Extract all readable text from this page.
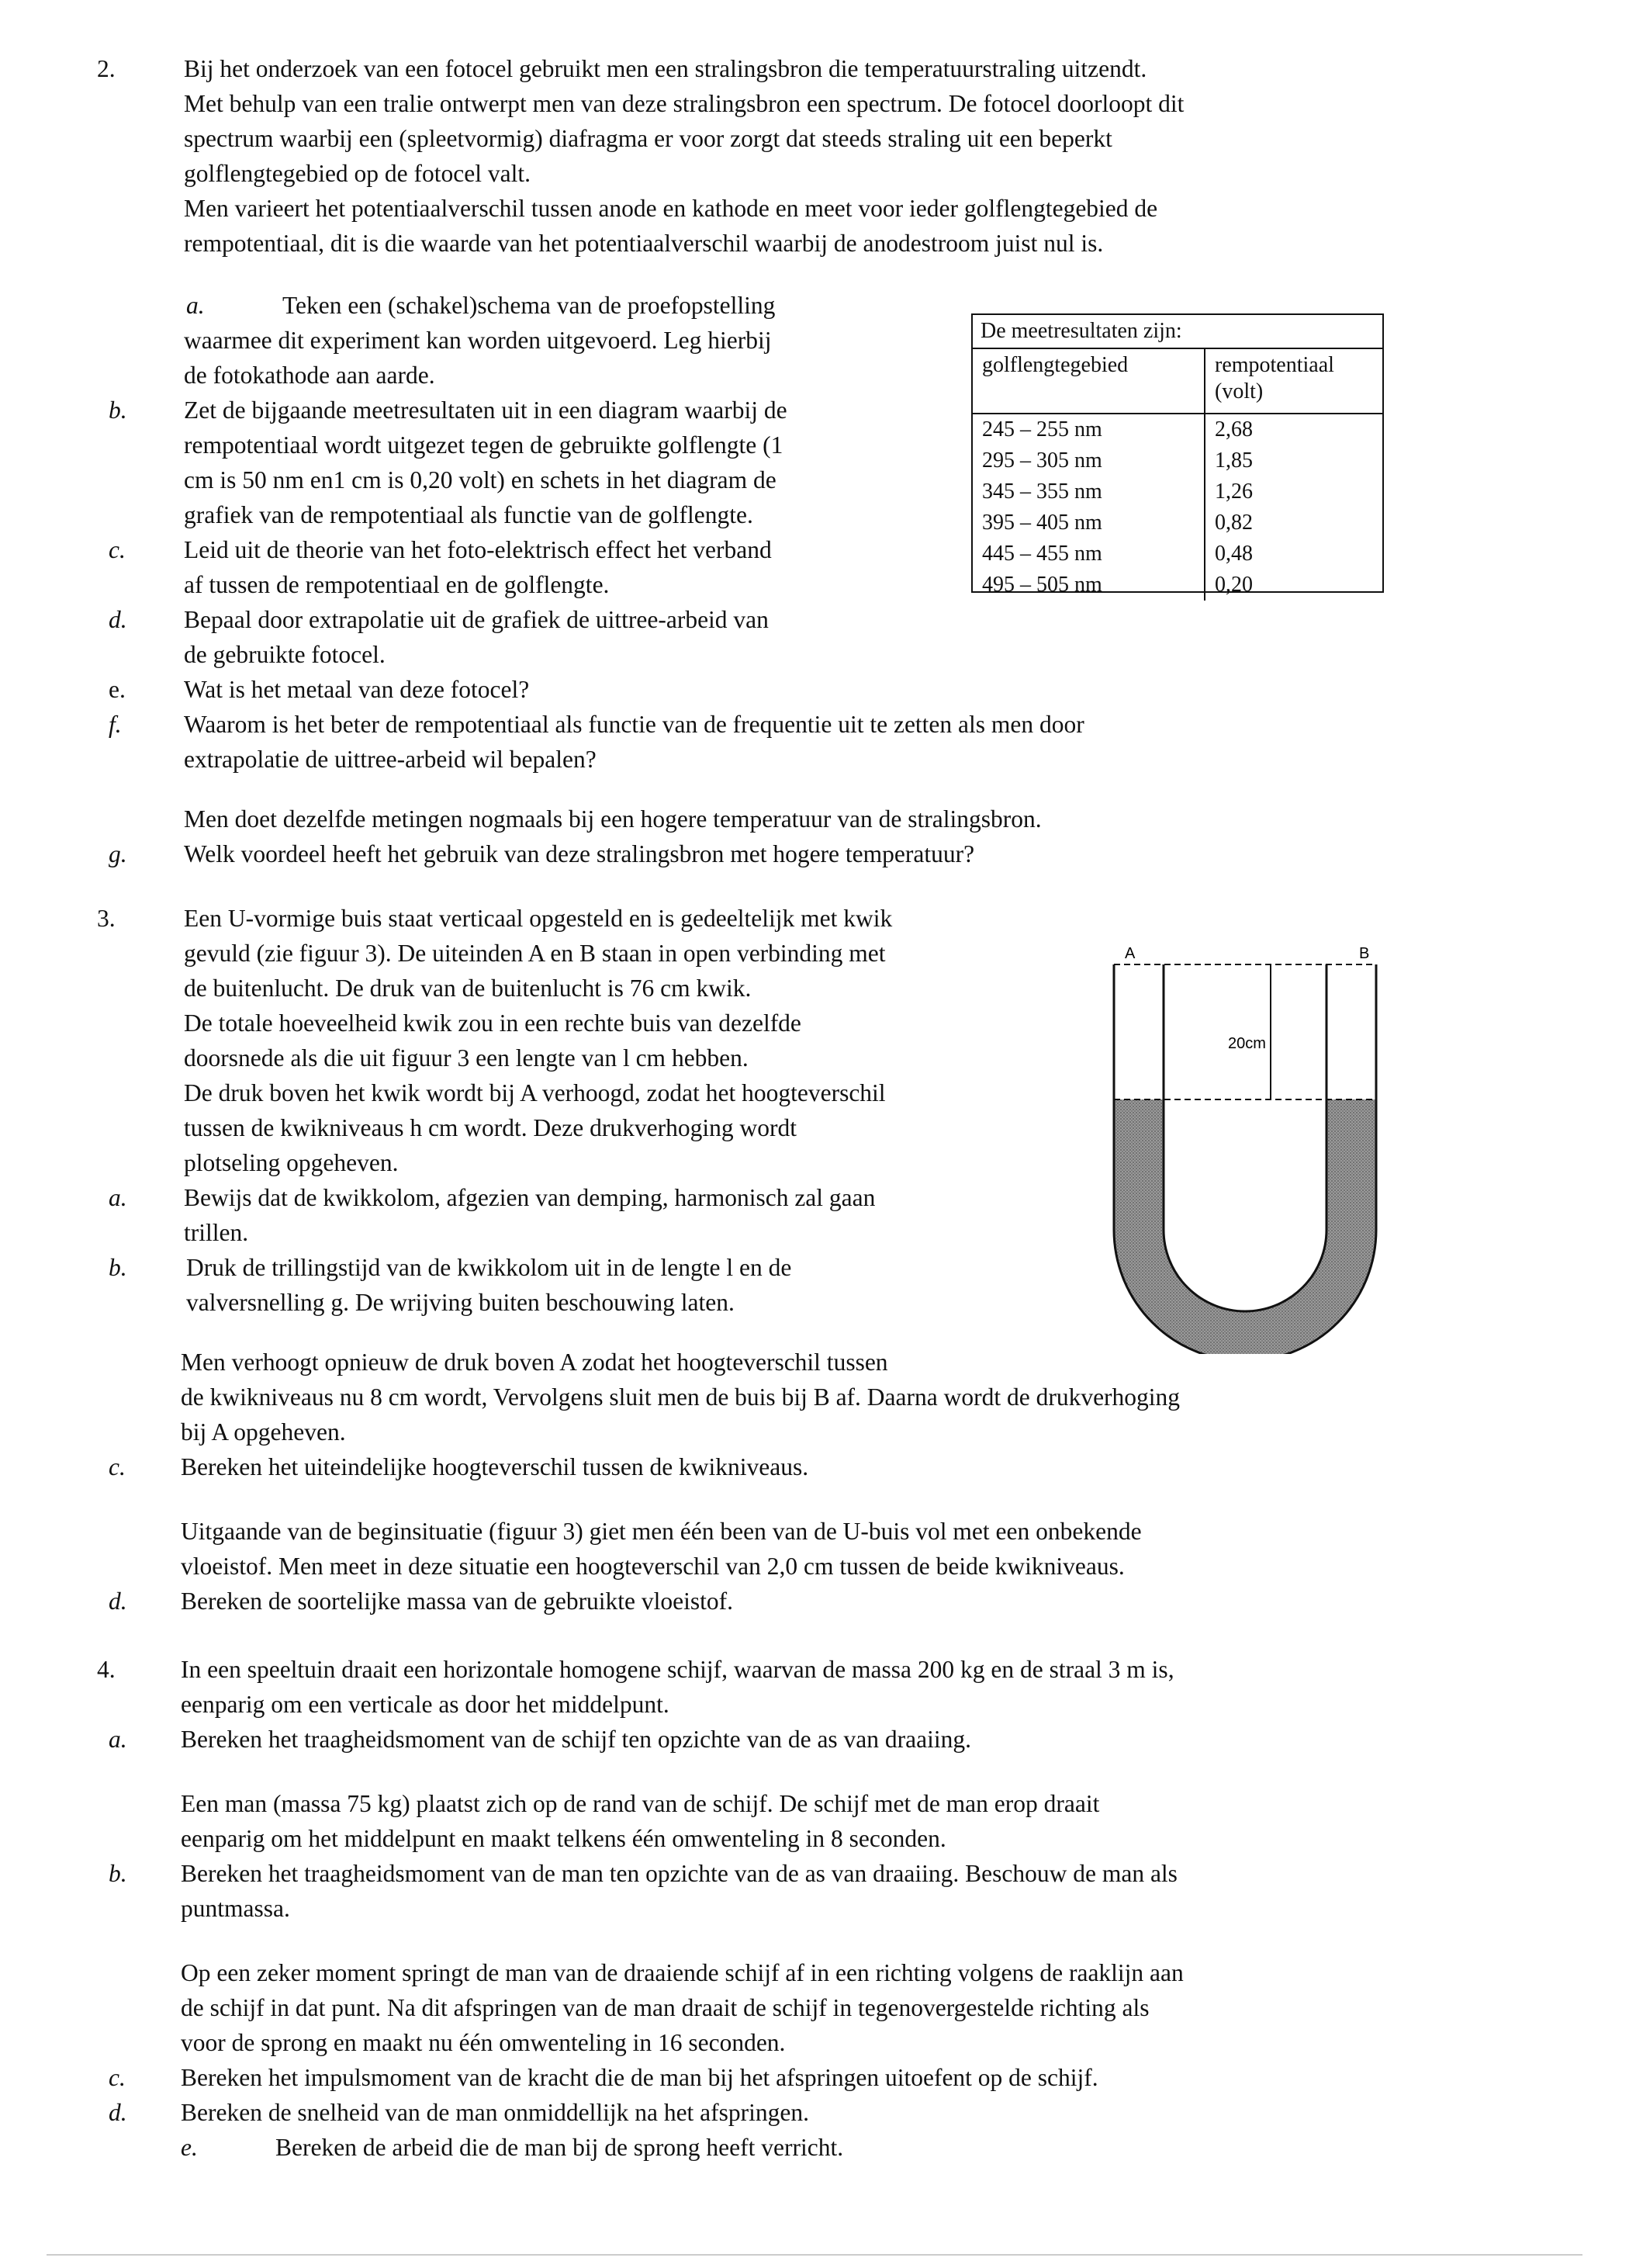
2.	Bij het onderzoek van een fotocel gebruikt men een stralingsbron die temperatuurstraling uitzendt.

Met behulp van een tralie ontwerpt men van deze stralingsbron een spectrum. De fotocel doorloopt dit

spectrum waarbij een (spleetvormig) diafragma er voor zorgt dat steeds straling uit een beperkt

golflengtegebied op de fotocel valt.

Men varieert het potentiaalverschil tussen anode en kathode en meet voor ieder golflengtegebied de

rempotentiaal, dit is die waarde van het potentiaalverschil waarbij de anodestroom juist nul is.

a.	Teken een (schakel)schema van de proefopstelling

waarmee dit experiment kan worden uitgevoerd. Leg hierbij

de fotokathode aan aarde.

b. Zet de bijgaande meetresultaten uit in een diagram waarbij de

rempotentiaal wordt uitgezet tegen de gebruikte golflengte (1

cm is 50 nm en1 cm is 0,20 volt) en schets in het diagram de

grafiek van de rempotentiaal als functie van de golflengte.

c. Leid uit de theorie van het foto-elektrisch effect het verband

af tussen de rempotentiaal en de golflengte.

d. Bepaal door extrapolatie uit de grafiek de uittree-arbeid van

de gebruikte fotocel.

e. Wat is het metaal van deze fotocel?

f.	Waarom is het beter de rempotentiaal als functie van de frequentie uit te zetten als men door

extrapolatie de uittree-arbeid wil bepalen?

Men doet dezelfde metingen nogmaals bij een hogere temperatuur van de stralingsbron.

g. Welk voordeel heeft het gebruik van deze stralingsbron met hogere temperatuur?

De meetresultaten zijn:
golflengtegebied	rempotentiaal (volt)
245 – 255 nm	2,68
295 – 305 nm	1,85
345 – 355 nm	1,26
395 – 405 nm	0,82
445 – 455 nm	0,48
495 – 505 nm	0,20
3.	Een U-vormige buis staat verticaal opgesteld en is gedeeltelijk met kwik

gevuld (zie figuur 3). De uiteinden A en B staan in open verbinding met

de buitenlucht. De druk van de buitenlucht is 76 cm kwik.

De totale hoeveelheid kwik zou in een rechte buis van dezelfde

doorsnede als die uit figuur 3 een lengte van l cm hebben.

De druk boven het kwik wordt bij A verhoogd, zodat het hoogteverschil

tussen de kwikniveaus h cm wordt. Deze drukverhoging wordt

plotseling opgeheven.

a. Bewijs dat de kwikkolom, afgezien van demping, harmonisch zal gaan

trillen.

b. Druk de trillingstijd van de kwikkolom uit in de lengte l en de

valversnelling g. De wrijving buiten beschouwing laten.

Men verhoogt opnieuw de druk boven A zodat het hoogteverschil tussen

de kwikniveaus nu 8 cm wordt, Vervolgens sluit men de buis bij B af. Daarna wordt de drukverhoging

bij A opgeheven.

c. Bereken het uiteindelijke hoogteverschil tussen de kwikniveaus.

Uitgaande van de beginsituatie (figuur 3) giet men één been van de U-buis vol met een onbekende

vloeistof. Men meet in deze situatie een hoogteverschil van 2,0 cm tussen de beide kwikniveaus.

d. Bereken de soortelijke massa van de gebruikte vloeistof.

A	B
20cm
4.	In een speeltuin draait een horizontale homogene schijf, waarvan de massa 200 kg en de straal 3 m is,

eenparig om een verticale as door het middelpunt.

a. Bereken het traagheidsmoment van de schijf ten opzichte van de as van draaiing.

Een man (massa 75 kg) plaatst zich op de rand van de schijf. De schijf met de man erop draait

eenparig om het middelpunt en maakt telkens één omwenteling in 8 seconden.

b. Bereken het traagheidsmoment van de man ten opzichte van de as van draaiing. Beschouw de man als

puntmassa.

Op een zeker moment springt de man van de draaiende schijf af in een richting volgens de raaklijn aan

de schijf in dat punt. Na dit afspringen van de man draait de schijf in tegenovergestelde richting als

voor de sprong en maakt nu één omwenteling in 16 seconden.

c. Bereken het impulsmoment van de kracht die de man bij het afspringen uitoefent op de schijf.

d. Bereken de snelheid van de man onmiddellijk na het afspringen.

e.	Bereken de arbeid die de man bij de sprong heeft verricht.
